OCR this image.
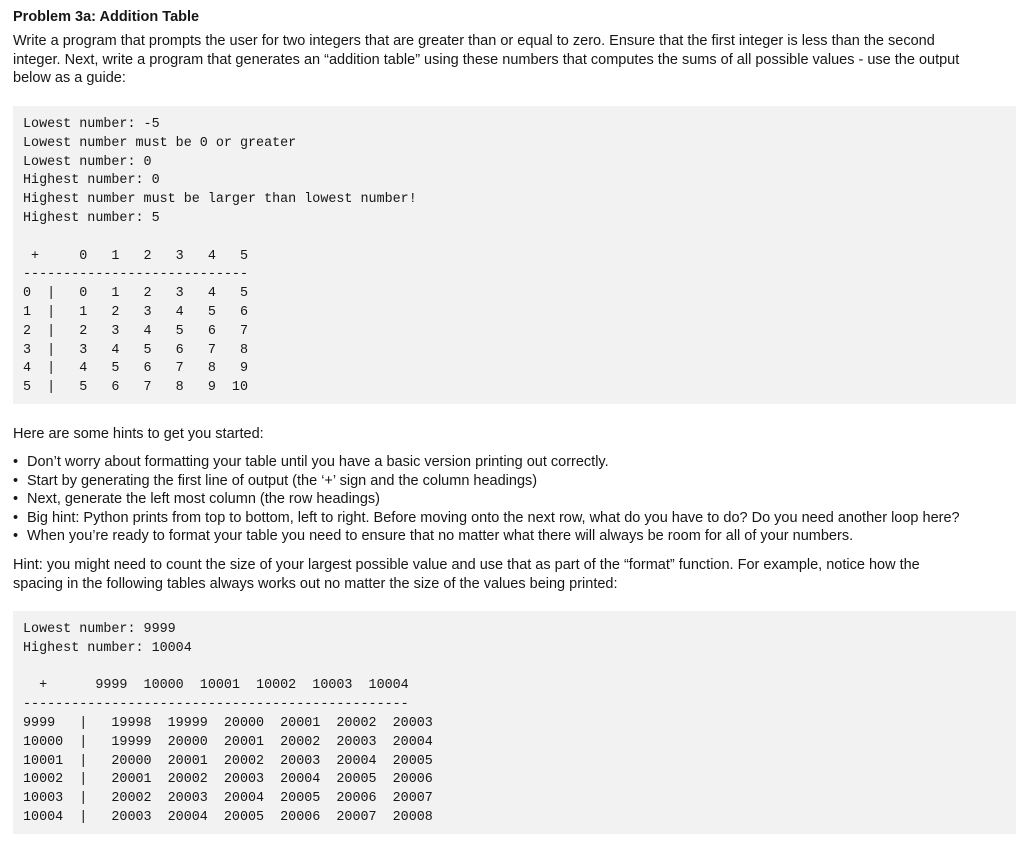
Problem 3a: Addition Table
Write a program that prompts the user for two integers that are greater than or equal to zero. Ensure that the first integer is less than the second
integer. Next, write a program that generates an “addition table” using these numbers that computes the sums of all possible values - use the output
below as a guide:
Lowest number: -5
Lowest number must be 0 or greater
Lowest number: 0
Highest number: 0
Highest number must be larger than lowest number!
Highest number: 5

+     0   1   2   3   4   5
----------------------------
0  |   0   1   2   3   4   5
1  |   1   2   3   4   5   6
2  |   2   3   4   5   6   7
3  |   3   4   5   6   7   8
4  |   4   5   6   7   8   9
5  |   5   6   7   8   9  10
Here are some hints to get you started:
• Don’t worry about formatting your table until you have a basic version printing out correctly.
• Start by generating the first line of output (the ‘+’ sign and the column headings)
• Next, generate the left most column (the row headings)
• Big hint: Python prints from top to bottom, left to right. Before moving onto the next row, what do you have to do? Do you need another loop here?
• When you’re ready to format your table you need to ensure that no matter what there will always be room for all of your numbers.
Hint: you might need to count the size of your largest possible value and use that as part of the “format” function. For example, notice how the
spacing in the following tables always works out no matter the size of the values being printed:
Lowest number: 9999
Highest number: 10004

+      9999  10000  10001  10002  10003  10004
------------------------------------------------
9999   |   19998  19999  20000  20001  20002  20003
10000  |   19999  20000  20001  20002  20003  20004
10001  |   20000  20001  20002  20003  20004  20005
10002  |   20001  20002  20003  20004  20005  20006
10003  |   20002  20003  20004  20005  20006  20007
10004  |   20003  20004  20005  20006  20007  20008
